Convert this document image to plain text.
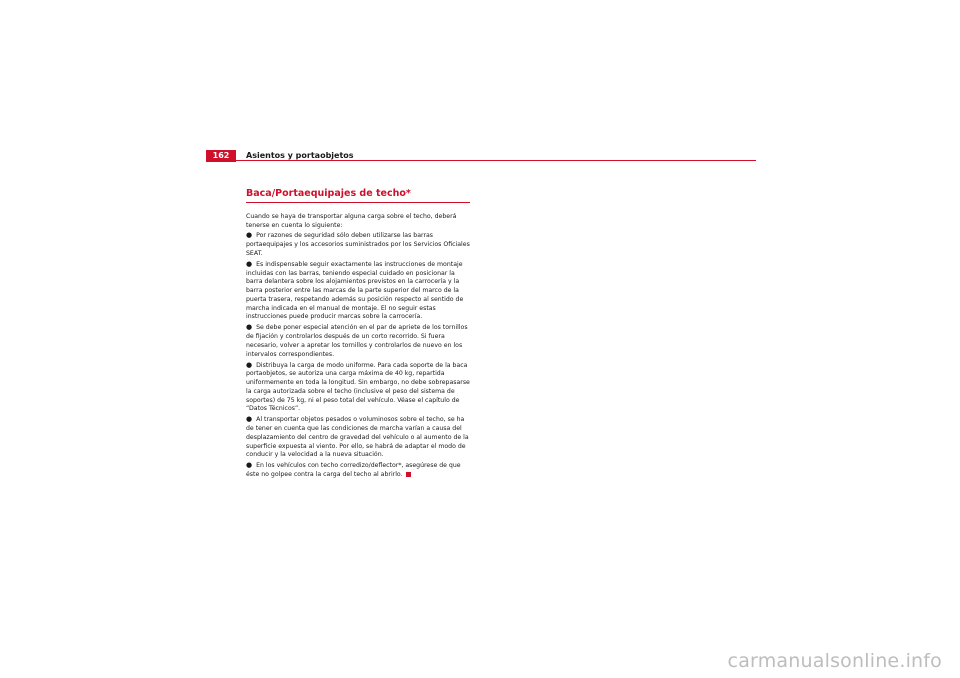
162	Asientos y portaobjetos
Baca/Portaequipajes de techo*
Cuando se haya de transportar alguna carga sobre el techo, deberá tenerse en cuenta lo siguiente:
● Por razones de seguridad sólo deben utilizarse las barras portaequipajes y los accesorios suministrados por los Servicios Oficiales SEAT.
● Es indispensable seguir exactamente las instrucciones de montaje incluidas con las barras, teniendo especial cuidado en posicionar la barra delantera sobre los alojamientos previstos en la carrocería y la barra posterior entre las marcas de la parte superior del marco de la puerta trasera, respetando además su posición respecto al sentido de marcha indicada en el manual de montaje. El no seguir estas instrucciones puede producir marcas sobre la carrocería.
● Se debe poner especial atención en el par de apriete de los tornillos de fijación y controlarlos después de un corto recorrido. Si fuera necesario, volver a apretar los tornillos y controlarlos de nuevo en los intervalos correspondientes.
● Distribuya la carga de modo uniforme. Para cada soporte de la baca portaobjetos, se autoriza una carga máxima de 40 kg, repartida uniformemente en toda la longitud. Sin embargo, no debe sobrepasarse la carga autorizada sobre el techo (inclusive el peso del sistema de soportes) de 75 kg, ni el peso total del vehículo. Véase el capítulo de “Datos Técnicos”.
● Al transportar objetos pesados o voluminosos sobre el techo, se ha de tener en cuenta que las condiciones de marcha varían a causa del desplazamiento del centro de gravedad del vehículo o al aumento de la superficie expuesta al viento. Por ello, se habrá de adaptar el modo de conducir y la velocidad a la nueva situación.
● En los vehículos con techo corredizo/deflector*, asegúrese de que éste no golpee contra la carga del techo al abrirlo.
carmanualsonline.info
